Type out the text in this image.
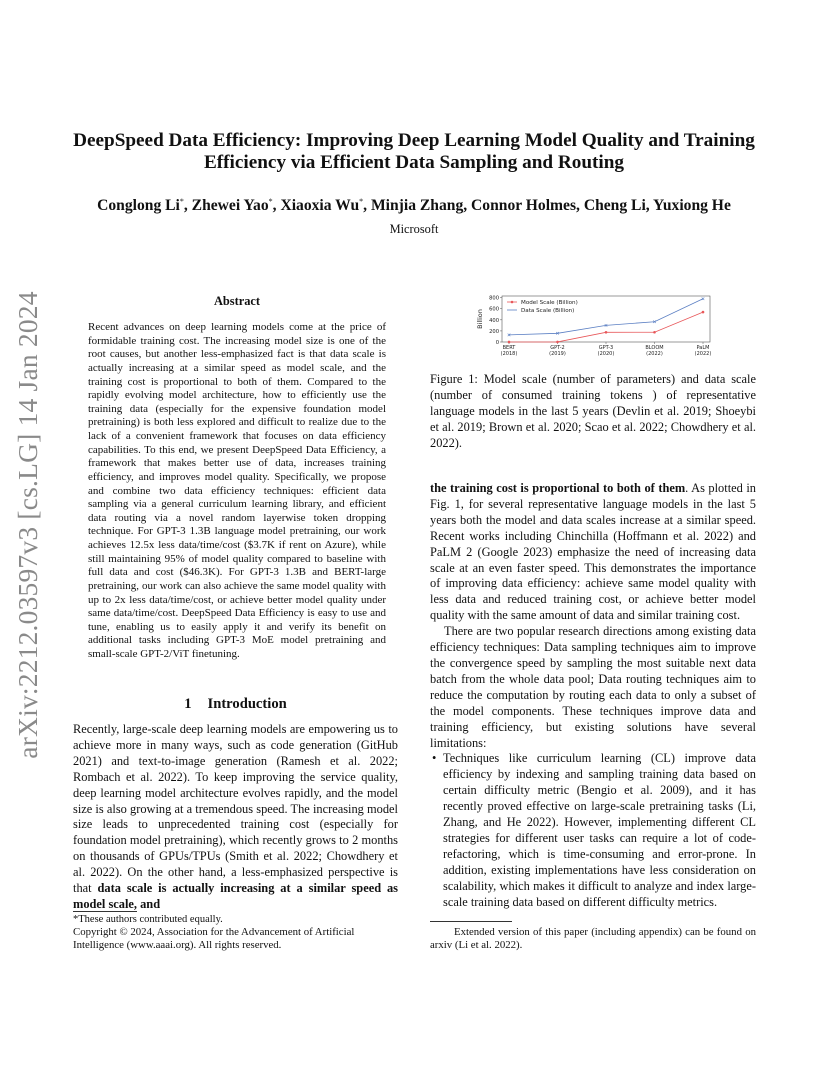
arXiv:2212.03597v3 [cs.LG] 14 Jan 2024
DeepSpeed Data Efficiency: Improving Deep Learning Model Quality and Training
Efficiency via Efficient Data Sampling and Routing
Conglong Li*, Zhewei Yao*, Xiaoxia Wu*, Minjia Zhang, Connor Holmes, Cheng Li, Yuxiong He
Microsoft
Abstract

Recent advances on deep learning models come at the price of formidable training cost. The increasing model size is one of the root causes, but another less-emphasized fact is that data scale is actually increasing at a similar speed as model scale, and the training cost is proportional to both of them. Compared to the rapidly evolving model architecture, how to efficiently use the training data (especially for the expensive foundation model pretraining) is both less explored and difficult to realize due to the lack of a convenient framework that focuses on data efficiency capabilities. To this end, we present DeepSpeed Data Efficiency, a framework that makes better use of data, increases training efficiency, and improves model quality. Specifically, we propose and combine two data efficiency techniques: efficient data sampling via a general curriculum learning library, and efficient data routing via a novel random layerwise token dropping technique. For GPT-3 1.3B language model pretraining, our work achieves 12.5x less data/time/cost ($3.7K if rent on Azure), while still maintaining 95% of model quality compared to baseline with full data and cost ($46.3K). For GPT-3 1.3B and BERT-large pretraining, our work can also achieve the same model quality with up to 2x less data/time/cost, or achieve better model quality under same data/time/cost. DeepSpeed Data Efficiency is easy to use and tune, enabling us to easily apply it and verify its benefit on additional tasks including GPT-3 MoE model pretraining and small-scale GPT-2/ViT finetuning.

1 Introduction

Recently, large-scale deep learning models are empowering us to achieve more in many ways, such as code generation (GitHub 2021) and text-to-image generation (Ramesh et al. 2022; Rombach et al. 2022). To keep improving the service quality, deep learning model architecture evolves rapidly, and the model size is also growing at a tremendous speed. The increasing model size leads to unprecedented training cost (especially for foundation model pretraining), which recently grows to 2 months on thousands of GPUs/TPUs (Smith et al. 2022; Chowdhery et al. 2022). On the other hand, a less-emphasized perspective is that data scale is actually increasing at a similar speed as model scale, and

*These authors contributed equally.
Copyright © 2024, Association for the Advancement of Artificial Intelligence (www.aaai.org). All rights reserved.
0
200
400
600
800
Billion
BERT
(2018)
GPT-2
(2019)
GPT-3
(2020)
BLOOM
(2022)
PaLM
(2022)
Model Scale (Billion)
Data Scale (Billion)

Figure 1: Model scale (number of parameters) and data scale (number of consumed training tokens ) of representative language models in the last 5 years (Devlin et al. 2019; Shoeybi et al. 2019; Brown et al. 2020; Scao et al. 2022; Chowdhery et al. 2022).

the training cost is proportional to both of them. As plotted in Fig. 1, for several representative language models in the last 5 years both the model and data scales increase at a similar speed. Recent works including Chinchilla (Hoffmann et al. 2022) and PaLM 2 (Google 2023) emphasize the need of increasing data scale at an even faster speed. This demonstrates the importance of improving data efficiency: achieve same model quality with less data and reduced training cost, or achieve better model quality with the same amount of data and similar training cost.

There are two popular research directions among existing data efficiency techniques: Data sampling techniques aim to improve the convergence speed by sampling the most suitable next data batch from the whole data pool; Data routing techniques aim to reduce the computation by routing each data to only a subset of the model components. These techniques improve data and training efficiency, but existing solutions have several limitations:

• Techniques like curriculum learning (CL) improve data efficiency by indexing and sampling training data based on certain difficulty metric (Bengio et al. 2009), and it has recently proved effective on large-scale pretraining tasks (Li, Zhang, and He 2022). However, implementing different CL strategies for different user tasks can require a lot of code-refactoring, which is time-consuming and error-prone. In addition, existing implementations have less consideration on scalability, which makes it difficult to analyze and index large-scale training data based on different difficulty metrics.
Extended version of this paper (including appendix) can be found on arxiv (Li et al. 2022).
